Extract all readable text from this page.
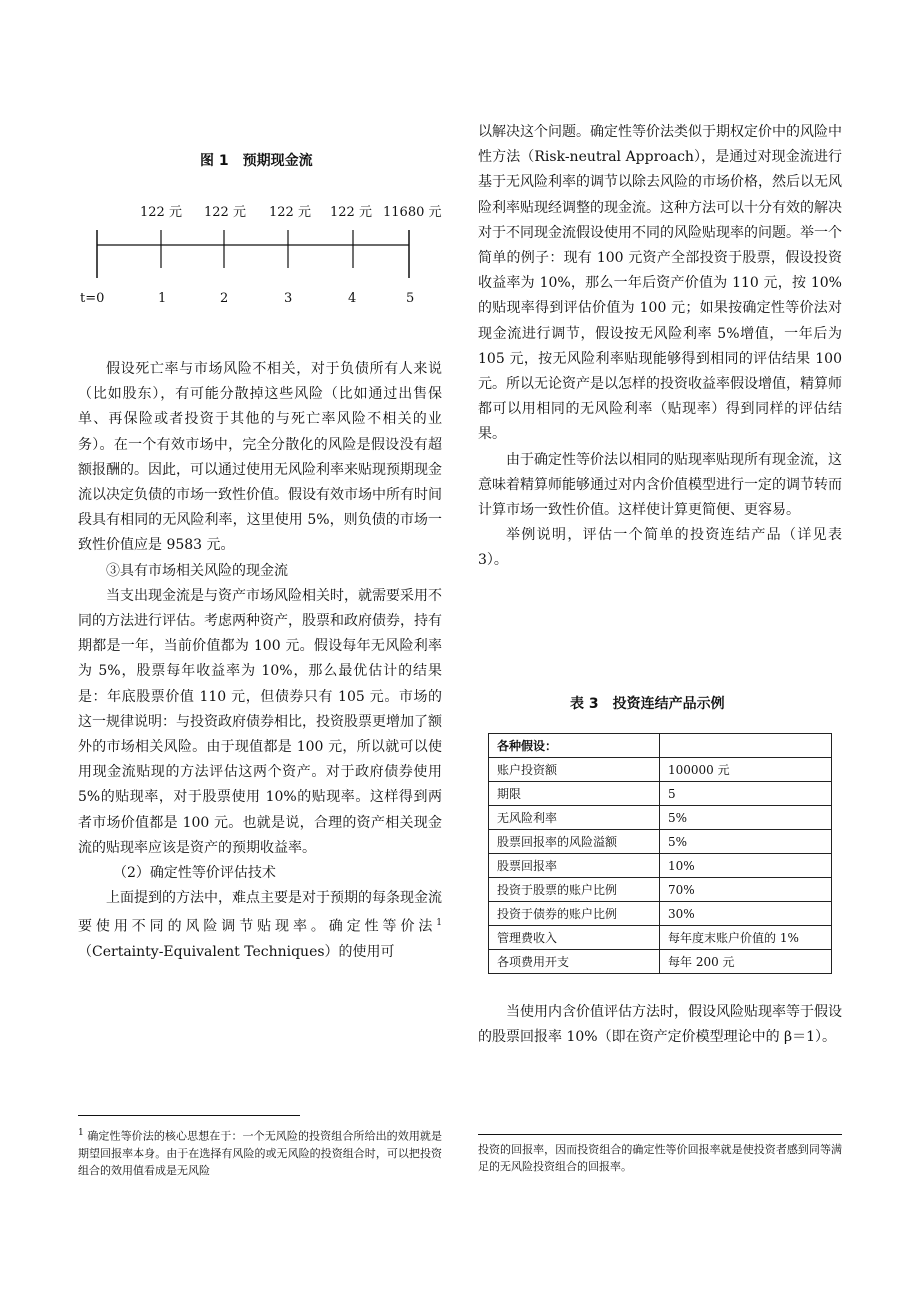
图 1　预期现金流
122 元 122 元 122 元 122 元 11680 元
t=0	1	2	3	4	5

假设死亡率与市场风险不相关，对于负债所有人来说（比如股东），有可能分散掉这些风险（比如通过出售保单、再保险或者投资于其他的与死亡率风险不相关的业务）。在一个有效市场中，完全分散化的风险是假设没有超额报酬的。因此，可以通过使用无风险利率来贴现预期现金流以决定负债的市场一致性价值。假设有效市场中所有时间段具有相同的无风险利率，这里使用 5%，则负债的市场一致性价值应是 9583 元。

③具有市场相关风险的现金流

当支出现金流是与资产市场风险相关时，就需要采用不同的方法进行评估。考虑两种资产，股票和政府债券，持有期都是一年，当前价值都为 100 元。假设每年无风险利率为 5%，股票每年收益率为 10%，那么最优估计的结果是：年底股票价值 110 元，但债券只有 105 元。市场的这一规律说明：与投资政府债券相比，投资股票更增加了额外的市场相关风险。由于现值都是 100 元，所以就可以使用现金流贴现的方法评估这两个资产。对于政府债券使用 5%的贴现率，对于股票使用 10%的贴现率。这样得到两者市场价值都是 100 元。也就是说，合理的资产相关现金流的贴现率应该是资产的预期收益率。

（2）确定性等价评估技术

上面提到的方法中，难点主要是对于预期的每条现金流要使用不同的风险调节贴现率。确定性等价法$^1$（Certainty-Equivalent Techniques）的使用可

$^1$ 确定性等价法的核心思想在于：一个无风险的投资组合所给出的效用就是期望回报率本身。由于在选择有风险的或无风险的投资组合时，可以把投资组合的效用值看成是无风险

以解决这个问题。确定性等价法类似于期权定价中的风险中性方法（Risk-neutral Approach），是通过对现金流进行基于无风险利率的调节以除去风险的市场价格，然后以无风险利率贴现经调整的现金流。这种方法可以十分有效的解决对于不同现金流假设使用不同的风险贴现率的问题。举一个简单的例子：现有 100 元资产全部投资于股票，假设投资收益率为 10%，那么一年后资产价值为 110 元，按 10%的贴现率得到评估价值为 100 元；如果按确定性等价法对现金流进行调节，假设按无风险利率 5%增值，一年后为 105 元，按无风险利率贴现能够得到相同的评估结果 100 元。所以无论资产是以怎样的投资收益率假设增值，精算师都可以用相同的无风险利率（贴现率）得到同样的评估结果。

由于确定性等价法以相同的贴现率贴现所有现金流，这意味着精算师能够通过对内含价值模型进行一定的调节转而计算市场一致性价值。这样使计算更简便、更容易。

举例说明，评估一个简单的投资连结产品（详见表 3）。

表 3　投资连结产品示例
各种假设：	
账户投资额	100000 元
期限	5
无风险利率	5%
股票回报率的风险溢额	5%
股票回报率	10%
投资于股票的账户比例	70%
投资于债券的账户比例	30%
管理费收入	每年度末账户价值的 1%
各项费用开支	每年 200 元

当使用内含价值评估方法时，假设风险贴现率等于假设的股票回报率 10%（即在资产定价模型理论中的 β＝1）。

投资的回报率，因而投资组合的确定性等价回报率就是使投资者感到同等满足的无风险投资组合的回报率。
